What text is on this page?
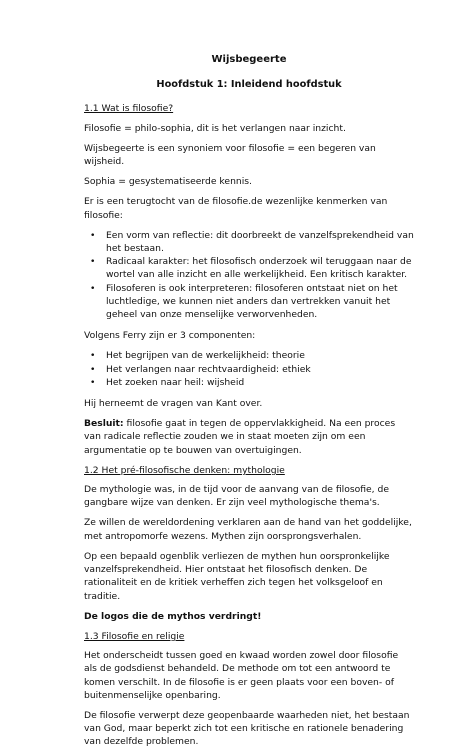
Wijsbegeerte

Hoofdstuk 1: Inleidend hoofdstuk

1.1 Wat is filosofie?

Filosofie = philo-sophia, dit is het verlangen naar inzicht.

Wijsbegeerte is een synoniem voor filosofie = een begeren van wijsheid.

Sophia = gesystematiseerde kennis.

Er is een terugtocht van de filosofie.de wezenlijke kenmerken van filosofie:

• Een vorm van reflectie: dit doorbreekt de vanzelfsprekendheid van het bestaan.
• Radicaal karakter: het filosofisch onderzoek wil teruggaan naar de wortel van alle inzicht en alle werkelijkheid. Een kritisch karakter.
• Filosoferen is ook interpreteren: filosoferen ontstaat niet on het luchtledige, we kunnen niet anders dan vertrekken vanuit het geheel van onze menselijke verworvenheden.

Volgens Ferry zijn er 3 componenten:

• Het begrijpen van de werkelijkheid: theorie
• Het verlangen naar rechtvaardigheid: ethiek
• Het zoeken naar heil: wijsheid

Hij herneemt de vragen van Kant over.

Besluit: filosofie gaat in tegen de oppervlakkigheid. Na een proces van radicale reflectie zouden we in staat moeten zijn om een argumentatie op te bouwen van overtuigingen.

1.2 Het pré-filosofische denken: mythologie

De mythologie was, in de tijd voor de aanvang van de filosofie, de gangbare wijze van denken. Er zijn veel mythologische thema's.

Ze willen de wereldordening verklaren aan de hand van het goddelijke, met antropomorfe wezens. Mythen zijn oorsprongsverhalen.

Op een bepaald ogenblik verliezen de mythen hun oorspronkelijke vanzelfsprekendheid. Hier ontstaat het filosofisch denken. De rationaliteit en de kritiek verheffen zich tegen het volksgeloof en traditie.

De logos die de mythos verdringt!

1.3 Filosofie en religie

Het onderscheidt tussen goed en kwaad worden zowel door filosofie als de godsdienst behandeld. De methode om tot een antwoord te komen verschilt. In de filosofie is er geen plaats voor een boven- of buitenmenselijke openbaring.

De filosofie verwerpt deze geopenbaarde waarheden niet, het bestaan van God, maar beperkt zich tot een kritische en rationele benadering van dezelfde problemen.
